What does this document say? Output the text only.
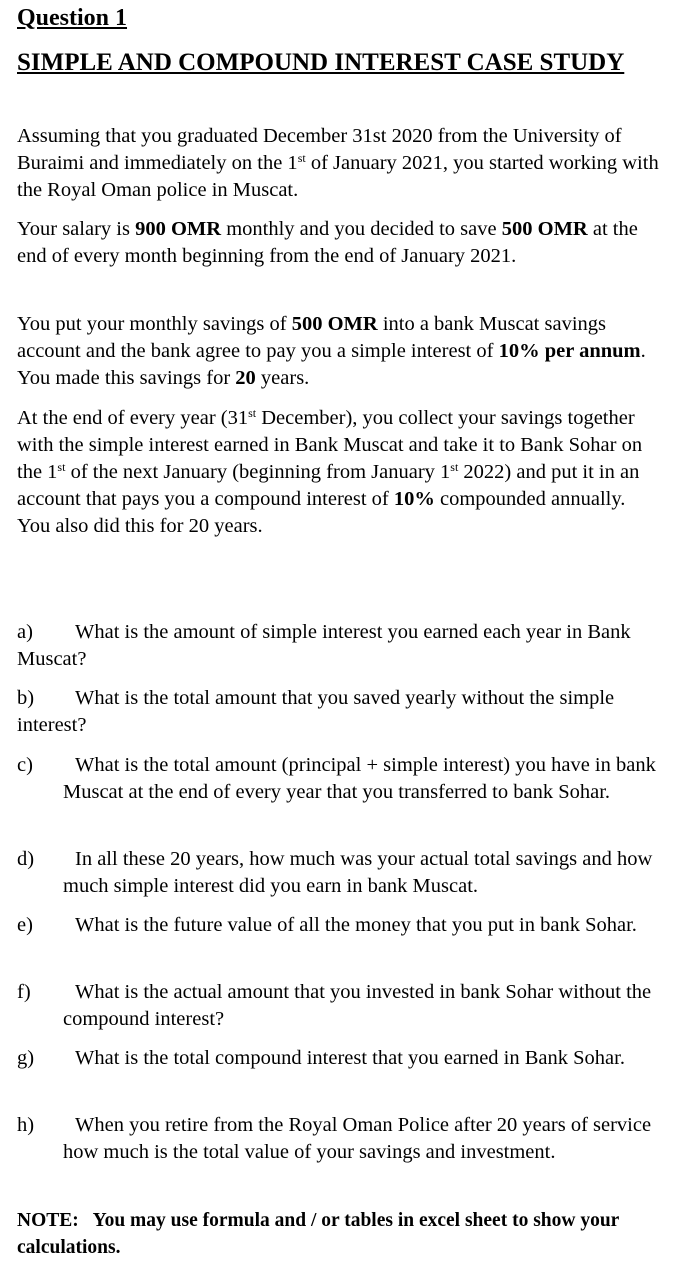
Question 1
SIMPLE AND COMPOUND INTEREST CASE STUDY
Assuming that you graduated December 31st 2020 from the University of Buraimi and immediately on the 1st of January 2021, you started working with the Royal Oman police in Muscat.
Your salary is 900 OMR monthly and you decided to save 500 OMR at the end of every month beginning from the end of January 2021.
You put your monthly savings of 500 OMR into a bank Muscat savings account and the bank agree to pay you a simple interest of 10% per annum. You made this savings for 20 years.
At the end of every year (31st December), you collect your savings together with the simple interest earned in Bank Muscat and take it to Bank Sohar on the 1st of the next January (beginning from January 1st 2022) and put it in an account that pays you a compound interest of 10% compounded annually. You also did this for 20 years.
a) What is the amount of simple interest you earned each year in Bank Muscat?
b) What is the total amount that you saved yearly without the simple interest?
c)	What is the total amount (principal + simple interest) you have in bank Muscat at the end of every year that you transferred to bank Sohar.
d)	In all these 20 years, how much was your actual total savings and how much simple interest did you earn in bank Muscat.
e)	What is the future value of all the money that you put in bank Sohar.
f)	What is the actual amount that you invested in bank Sohar without the compound interest?
g)	What is the total compound interest that you earned in Bank Sohar.
h)	When you retire from the Royal Oman Police after 20 years of service how much is the total value of your savings and investment.
NOTE:   You may use formula and / or tables in excel sheet to show your calculations.
